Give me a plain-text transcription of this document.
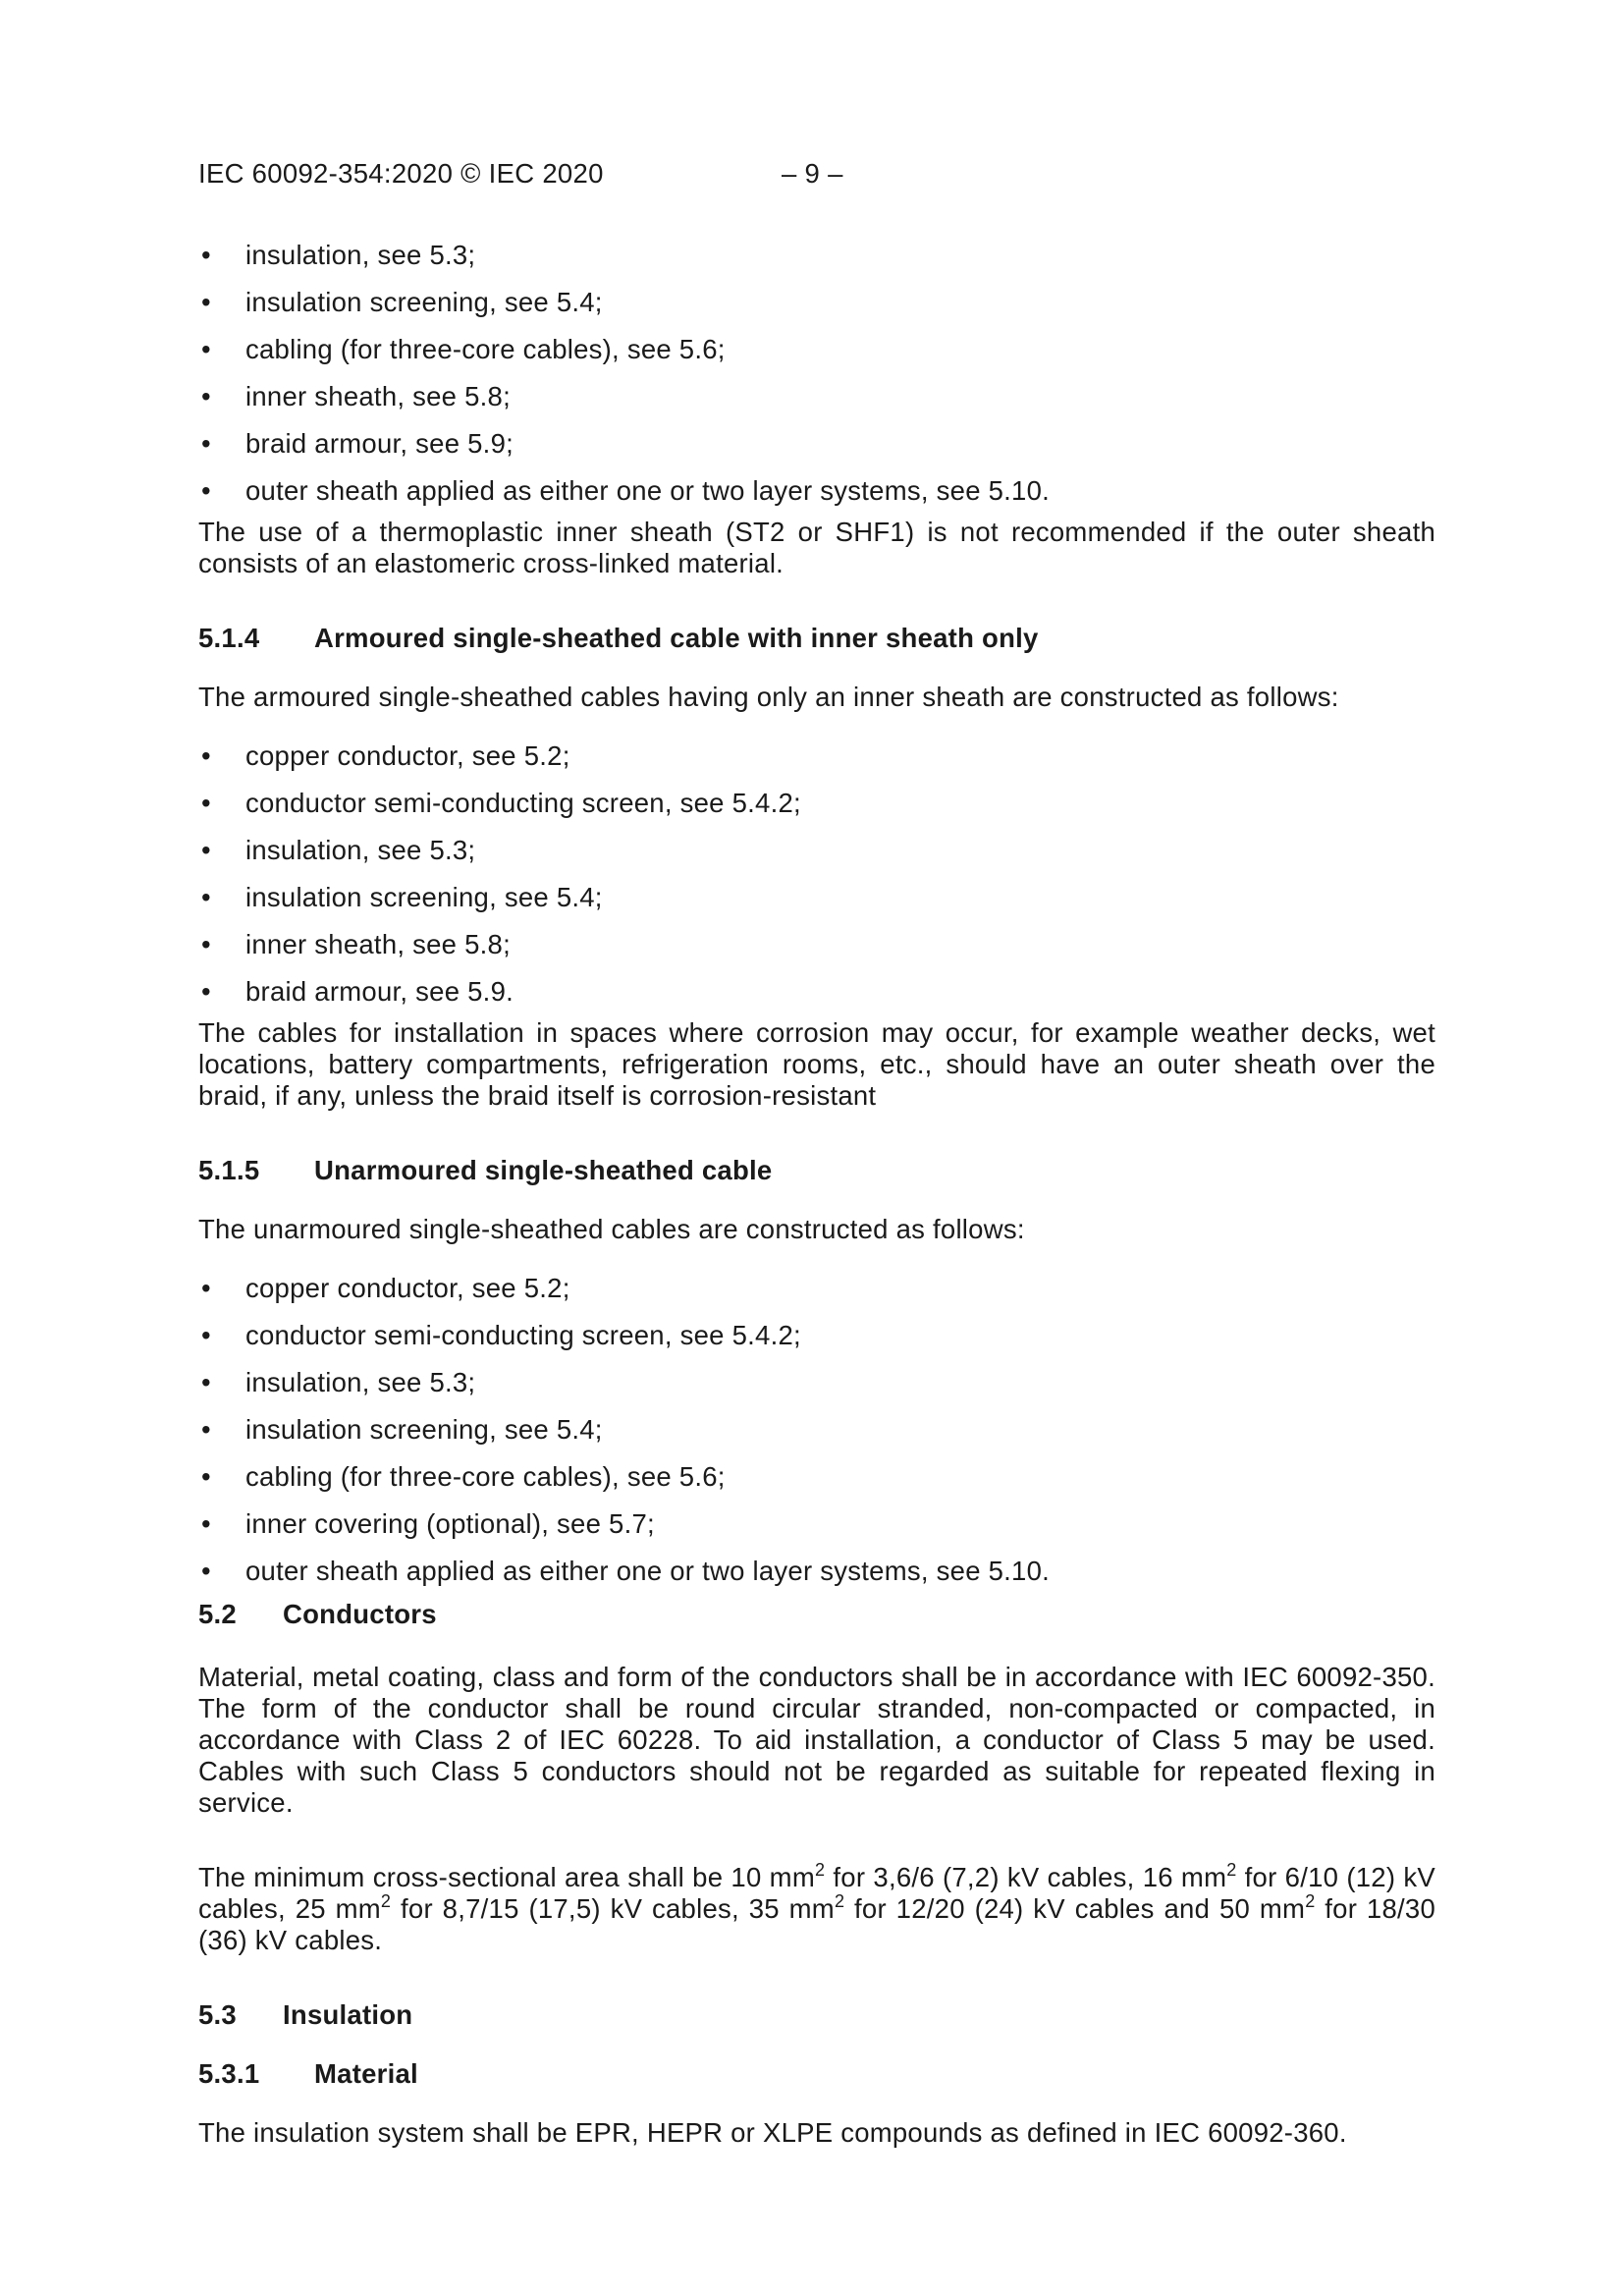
IEC 60092-354:2020 © IEC 2020	– 9 –
• insulation, see 5.3;
• insulation screening, see 5.4;
• cabling (for three-core cables), see 5.6;
• inner sheath, see 5.8;
• braid armour, see 5.9;
• outer sheath applied as either one or two layer systems, see 5.10.

The use of a thermoplastic inner sheath (ST2 or SHF1) is not recommended if the outer sheath consists of an elastomeric cross-linked material.

5.1.4 Armoured single-sheathed cable with inner sheath only

The armoured single-sheathed cables having only an inner sheath are constructed as follows:

• copper conductor, see 5.2;
• conductor semi-conducting screen, see 5.4.2;
• insulation, see 5.3;
• insulation screening, see 5.4;
• inner sheath, see 5.8;
• braid armour, see 5.9.

The cables for installation in spaces where corrosion may occur, for example weather decks, wet locations, battery compartments, refrigeration rooms, etc., should have an outer sheath over the braid, if any, unless the braid itself is corrosion-resistant

5.1.5 Unarmoured single-sheathed cable

The unarmoured single-sheathed cables are constructed as follows:

• copper conductor, see 5.2;
• conductor semi-conducting screen, see 5.4.2;
• insulation, see 5.3;
• insulation screening, see 5.4;
• cabling (for three-core cables), see 5.6;
• inner covering (optional), see 5.7;
• outer sheath applied as either one or two layer systems, see 5.10.
5.2 Conductors

Material, metal coating, class and form of the conductors shall be in accordance with IEC 60092-350. The form of the conductor shall be round circular stranded, non-compacted or compacted, in accordance with Class 2 of IEC 60228. To aid installation, a conductor of Class 5 may be used. Cables with such Class 5 conductors should not be regarded as suitable for repeated flexing in service.

The minimum cross-sectional area shall be 10 $mm^2$ for 3,6/6 (7,2) kV cables, 16 $mm^2$ for 6/10 (12) kV cables, 25 $mm^2$ for 8,7/15 (17,5) kV cables, 35 $mm^2$ for 12/20 (24) kV cables and 50 $mm^2$ for 18/30 (36) kV cables.

5.3 Insulation
5.3.1 Material

The insulation system shall be EPR, HEPR or XLPE compounds as defined in IEC 60092-360.
